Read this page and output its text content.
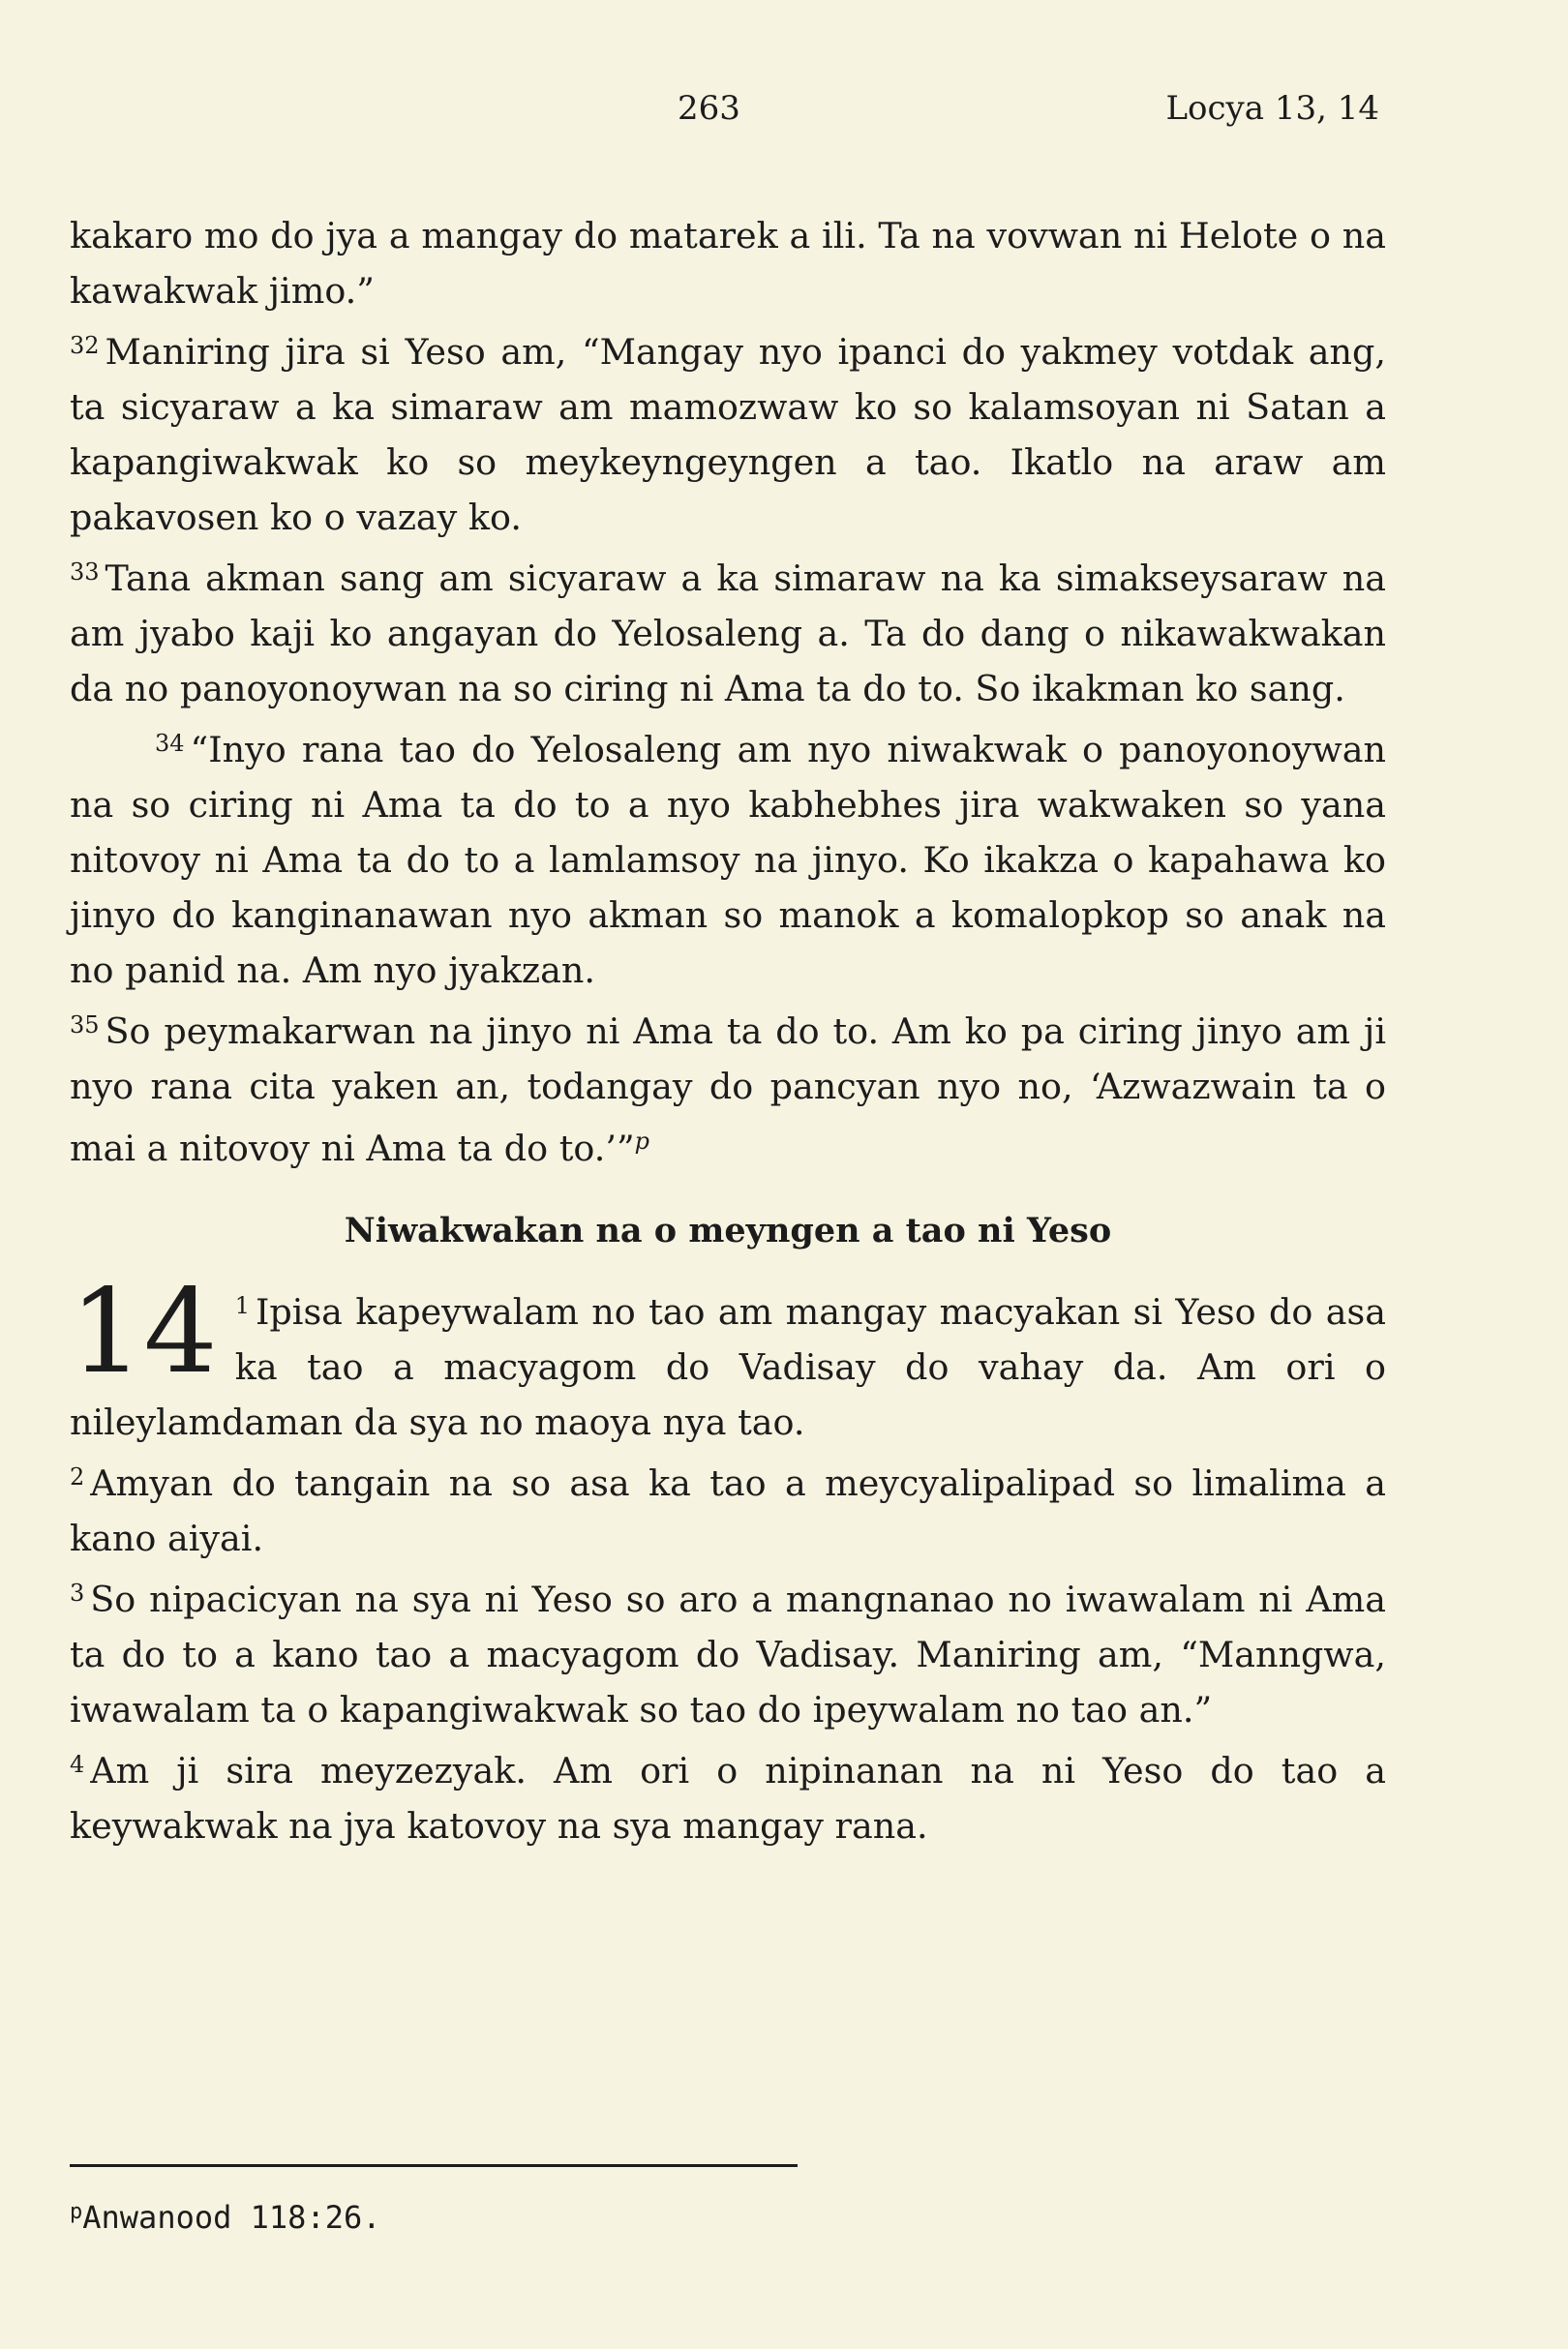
263	Locya 13, 14

kakaro mo do jya a mangay do matarek a ili. Ta na vovwan ni Helote o na kawakwak jimo.”

$^{32}$ Maniring jira si Yeso am, “Mangay nyo ipanci do yakmey votdak ang, ta sicyaraw a ka simaraw am mamozwaw ko so kalamsoyan ni Satan a kapangiwakwak ko so meykeyngeyngen a tao. Ikatlo na araw am pakavosen ko o vazay ko.

$^{33}$ Tana akman sang am sicyaraw a ka simaraw na ka simakseysaraw na am jyabo kaji ko angayan do Yelosaleng a. Ta do dang o nikawakwakan da no panoyonoywan na so ciring ni Ama ta do to. So ikakman ko sang.

$^{34}$ “Inyo rana tao do Yelosaleng am nyo niwakwak o panoyonoywan na so ciring ni Ama ta do to a nyo kabhebhes jira wakwaken so yana nitovoy ni Ama ta do to a lamlamsoy na jinyo. Ko ikakza o kapahawa ko jinyo do kanginanawan nyo akman so manok a komalopkop so anak na no panid na. Am nyo jyakzan.

$^{35}$ So peymakarwan na jinyo ni Ama ta do to. Am ko pa ciring jinyo am ji nyo rana cita yaken an, todangay do pancyan nyo no, ‘Azwazwain ta o mai a nitovoy ni Ama ta do to.’”$^p$

Niwakwakan na o meyngen a tao ni Yeso

14 $^1$ Ipisa kapeywalam no tao am mangay macyakan si Yeso do asa ka tao a macyagom do Vadisay do vahay da. Am ori o nileylamdaman da sya no maoya nya tao.

$^2$ Amyan do tangain na so asa ka tao a meycyalipalipad so limalima a kano aiyai.

$^3$ So nipacicyan na sya ni Yeso so aro a mangnanao no iwawalam ni Ama ta do to a kano tao a macyagom do Vadisay. Maniring am, “Manngwa, iwawalam ta o kapangiwakwak so tao do ipeywalam no tao an.”

$^4$ Am ji sira meyzezyak. Am ori o nipinanan na ni Yeso do tao a keywakwak na jya katovoy na sya mangay rana.

$^p$Anwanood 118:26.
